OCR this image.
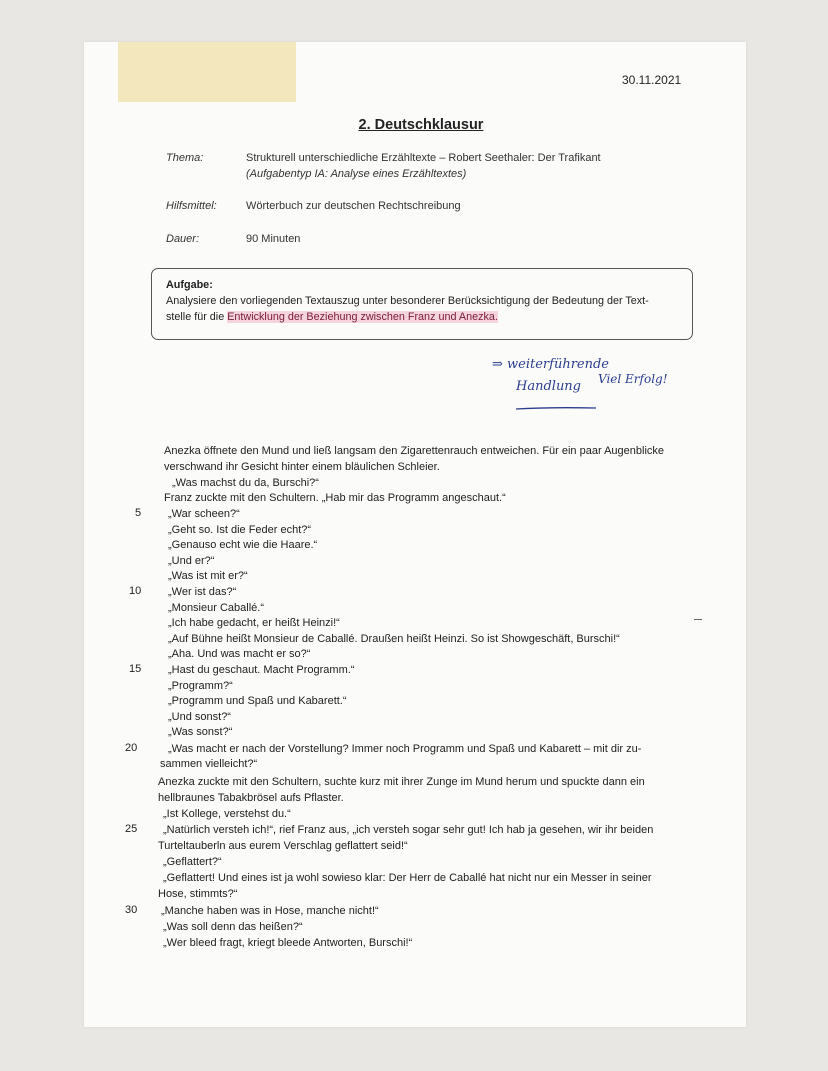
30.11.2021
2. Deutschklausur
Thema:	Strukturell unterschiedliche Erzähltexte – Robert Seethaler: Der Trafikant
(Aufgabentyp IA: Analyse eines Erzähltextes)
Hilfsmittel:	Wörterbuch zur deutschen Rechtschreibung
Dauer:	90 Minuten
Aufgabe:
Analysiere den vorliegenden Textauszug unter besonderer Berücksichtigung der Bedeutung der Text-
stelle für die Entwicklung der Beziehung zwischen Franz und Anezka.
⇒ weiterführende
Handlung Viel Erfolg!
Anezka öffnete den Mund und ließ langsam den Zigarettenrauch entweichen. Für ein paar Augenblicke
verschwand ihr Gesicht hinter einem bläulichen Schleier.
„Was machst du da, Burschi?“
Franz zuckte mit den Schultern. „Hab mir das Programm angeschaut.“
„War scheen?“
„Geht so. Ist die Feder echt?“
„Genauso echt wie die Haare.“
„Und er?“
„Was ist mit er?“
„Wer ist das?“
„Monsieur Caballé.“
„Ich habe gedacht, er heißt Heinzi!“
„Auf Bühne heißt Monsieur de Caballé. Draußen heißt Heinzi. So ist Showgeschäft, Burschi!“
„Aha. Und was macht er so?“
„Hast du geschaut. Macht Programm.“
„Programm?“
„Programm und Spaß und Kabarett.“
„Und sonst?“
„Was sonst?“
„Was macht er nach der Vorstellung? Immer noch Programm und Spaß und Kabarett – mit dir zu-
sammen vielleicht?“
Anezka zuckte mit den Schultern, suchte kurz mit ihrer Zunge im Mund herum und spuckte dann ein
hellbraunes Tabakbrösel aufs Pflaster.
„Ist Kollege, verstehst du.“
„Natürlich versteh ich!“, rief Franz aus, „ich versteh sogar sehr gut! Ich hab ja gesehen, wir ihr beiden
Turteltauberln aus eurem Verschlag geflattert seid!“
„Geflattert?“
„Geflattert! Und eines ist ja wohl sowieso klar: Der Herr de Caballé hat nicht nur ein Messer in seiner
Hose, stimmts?“
„Manche haben was in Hose, manche nicht!“
„Was soll denn das heißen?“
„Wer bleed fragt, kriegt bleede Antworten, Burschi!“
5
10
15
20
25
30
